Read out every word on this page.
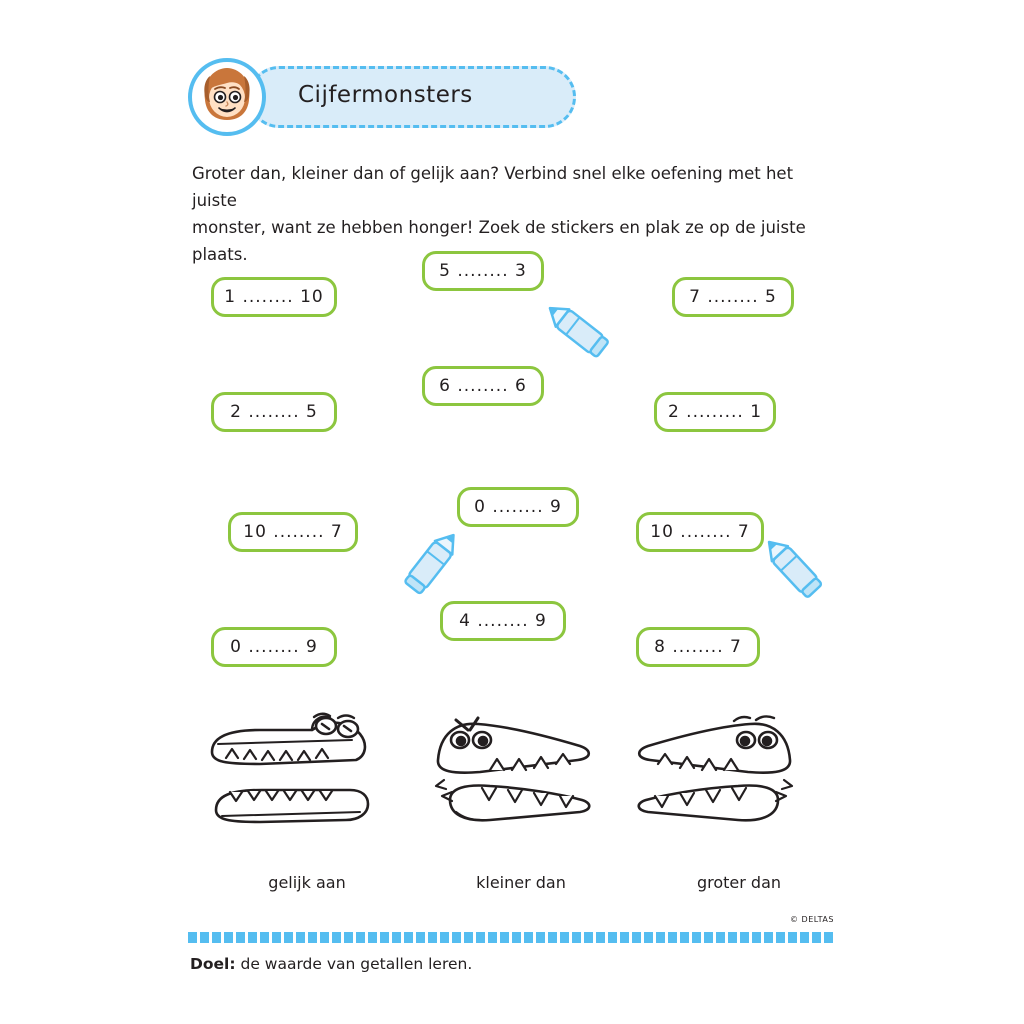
Cijfermonsters
Groter dan, kleiner dan of gelijk aan? Verbind snel elke oefening met het juiste
monster, want ze hebben honger! Zoek de stickers en plak ze op de juiste plaats.
1 ........ 10
5 ........ 3
7 ........ 5
6 ........ 6
2 ........ 5	2 ......... 1
0 ........ 9
10 ........ 7	10 ........ 7
4 ........ 9
0 ........ 9	8 ........ 7
gelijk aan	kleiner dan	groter dan
© DELTAS
Doel: de waarde van getallen leren.
